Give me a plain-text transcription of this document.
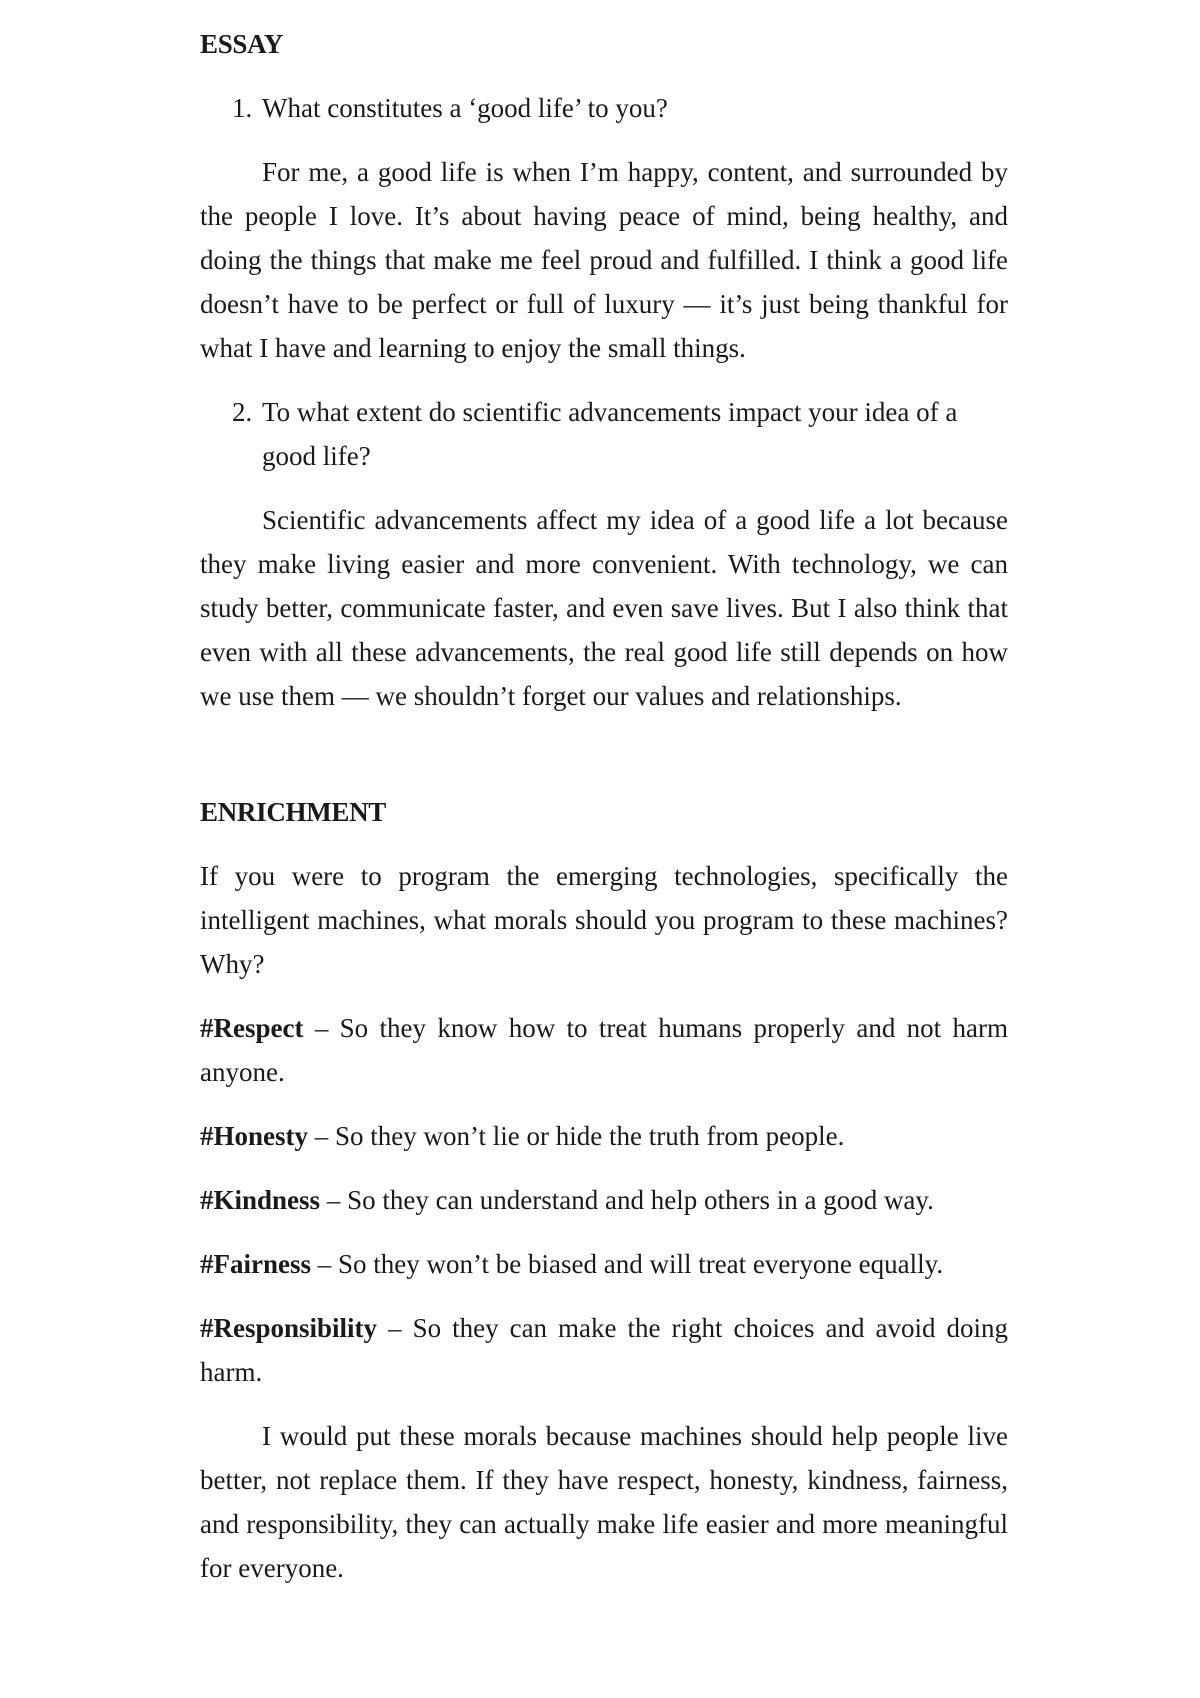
ESSAY
1. What constitutes a ‘good life’ to you?

For me, a good life is when I’m happy, content, and surrounded by the people I love. It’s about having peace of mind, being healthy, and doing the things that make me feel proud and fulfilled. I think a good life doesn’t have to be perfect or full of luxury — it’s just being thankful for what I have and learning to enjoy the small things.

2. To what extent do scientific advancements impact your idea of a good life?

Scientific advancements affect my idea of a good life a lot because they make living easier and more convenient. With technology, we can study better, communicate faster, and even save lives. But I also think that even with all these advancements, the real good life still depends on how we use them — we shouldn’t forget our values and relationships.

ENRICHMENT

If you were to program the emerging technologies, specifically the intelligent machines, what morals should you program to these machines? Why?

#Respect – So they know how to treat humans properly and not harm anyone.

#Honesty – So they won’t lie or hide the truth from people.

#Kindness – So they can understand and help others in a good way.

#Fairness – So they won’t be biased and will treat everyone equally.

#Responsibility – So they can make the right choices and avoid doing harm.

I would put these morals because machines should help people live better, not replace them. If they have respect, honesty, kindness, fairness, and responsibility, they can actually make life easier and more meaningful for everyone.
